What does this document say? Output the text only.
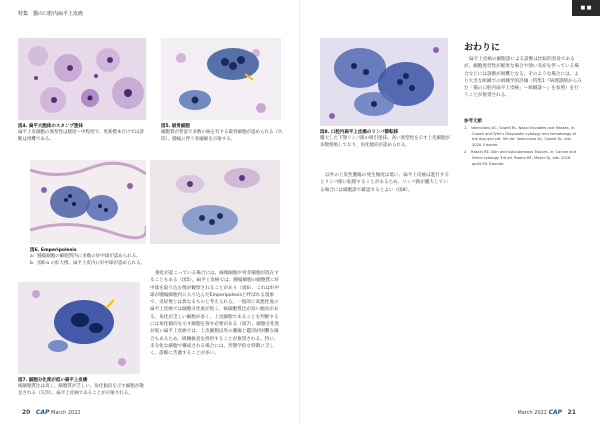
特集　猫の口腔内扁平上皮癌
図4. 扁平大胞体のスタンプ塗抹
扁平上皮細胞の異型性は軽度〜中程度で、更新標本だけでは診断は困難である。
図5. 破骨細胞
細胞質が豊富で多数の核を有する破骨細胞が認められる（矢印）。腫瘍に伴う骨融解を示唆する。
図6. Emperipolesis
a：腫瘍細胞の細胞質内に多数の好中球が認められる。
b：図6-a の拡大像。扁平上皮内に好中球が認められる。
図7. 細胞分化度が低い扁平上皮癌
核細胞質比は高く、細胞質が乏しい。角化傾向を示す細胞が散見される（矢印）。扁平上皮癌であることが示唆される。

強化が起こっている場合には、線維細胞や骨芽細胞が混在することもある（図5）。扁平上皮癌では、腫瘍細胞の細胞質に好中球を取り込む像が観察されることがあり（図6）、これは好中球が腫瘍細胞内に入り込んだEmperipolesisと呼ばれる現象で、炎症像とは異なるものと考えられる。一般的に高悪性度の扁平上皮癌では細胞分化度が低く、核細胞質比が高い傾向がある。角化が乏しい細胞が多く、上皮細胞であることを判断するには角化傾向を示す細胞を探す必要がある（図7）。細胞分化度が低い扁平上皮癌では、上皮細胞以外の腫瘍と鑑別が困難な場合もあるため、組織検査を併用することが推奨される。特に、未分化な細胞で構成される場合には、形態学的な特徴に乏しく、診断に苦慮することが多い。

20 CAP March 2022
図8. 口腔内扁平上皮癌のリンパ節転移
腫大した下顎リンパ節の吸引塗抹。高い異型性を示す上皮細胞が多数増殖しており、角化傾向が認められる。

以外の上皮性腫瘍の発生頻度は低い。扁平上皮癌は進行するとリンパ節に転移することがあるため、リンパ節が腫大している場合には細胞診で確認するとよい（図8）。

おわりに

扁平上皮癌の細胞診による診断は比較的容易であるが、細胞異型性が軽度な場合や強い炎症を伴っている場合などには診断が困難となる。そのような場合には、より大きな組織での組織学的評価（特集1『病理診断からみた「猫の口腔内扁平上皮癌」〜組織診〜』を参照）を行うことが推奨される。

参考文献
1.　Valenciano AC, Cowell RL. Nasal Exudates and Masses. In: Cowell and Tyler's Diagnostic cytology and hematology of the dog and cat. 5th ed. Valenciano AC, Cowell RL, eds. 2020. Elsevier.
2.　Raskin RE. Skin and Subcutaneous Tissues. In: Canine and Feline cytology 3rd ed. Raskin RE, Meyer DJ, eds. 2016. pp34-90. Elsevier.
March 2022 CAP 21
■ ■
